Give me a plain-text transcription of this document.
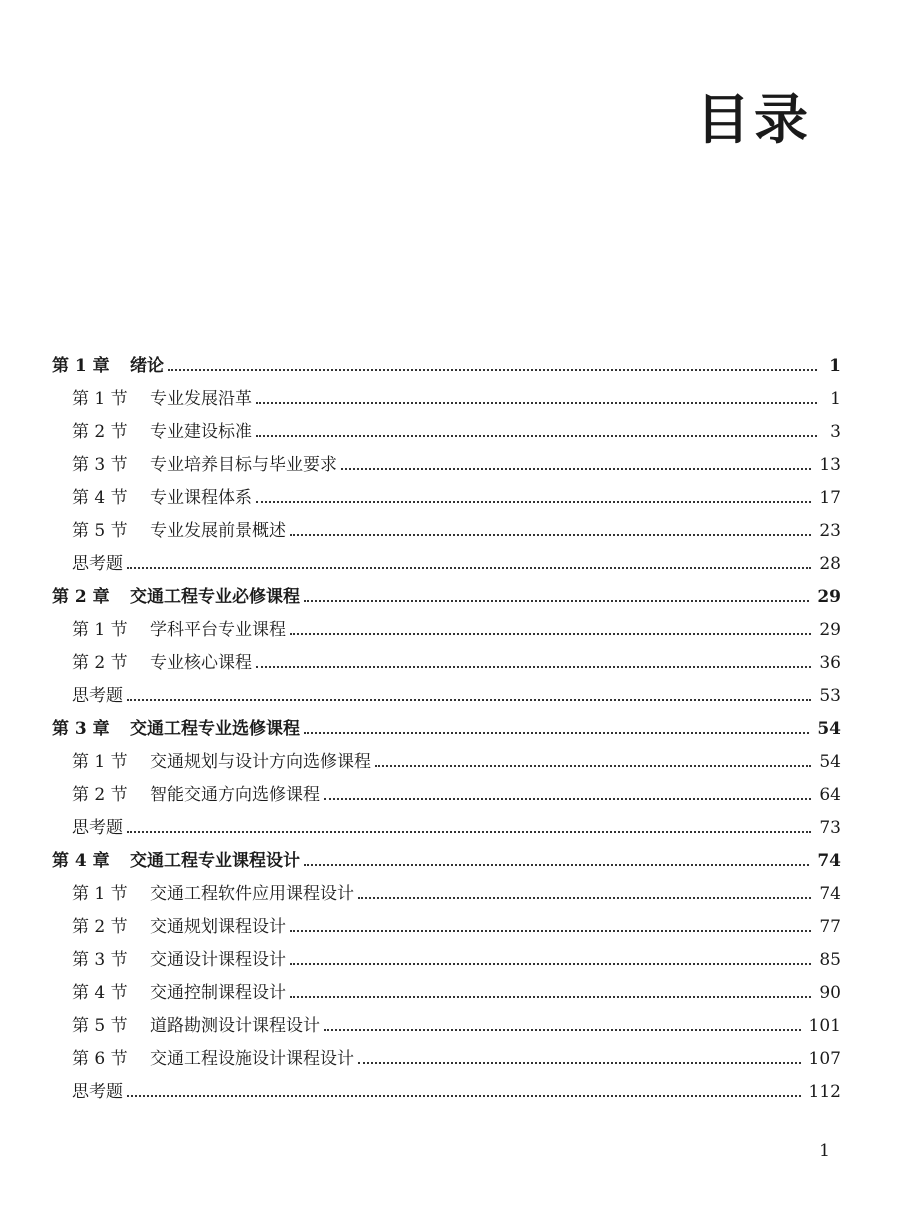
目录
第 1 章	绪论	1
第 1 节	专业发展沿革	1
第 2 节	专业建设标准	3
第 3 节	专业培养目标与毕业要求	13
第 4 节	专业课程体系	17
第 5 节	专业发展前景概述	23
思考题	28
第 2 章	交通工程专业必修课程	29
第 1 节	学科平台专业课程	29
第 2 节	专业核心课程	36
思考题	53
第 3 章	交通工程专业选修课程	54
第 1 节	交通规划与设计方向选修课程	54
第 2 节	智能交通方向选修课程	64
思考题	73
第 4 章	交通工程专业课程设计	74
第 1 节	交通工程软件应用课程设计	74
第 2 节	交通规划课程设计	77
第 3 节	交通设计课程设计	85
第 4 节	交通控制课程设计	90
第 5 节	道路勘测设计课程设计	101
第 6 节	交通工程设施设计课程设计	107
思考题	112
1
